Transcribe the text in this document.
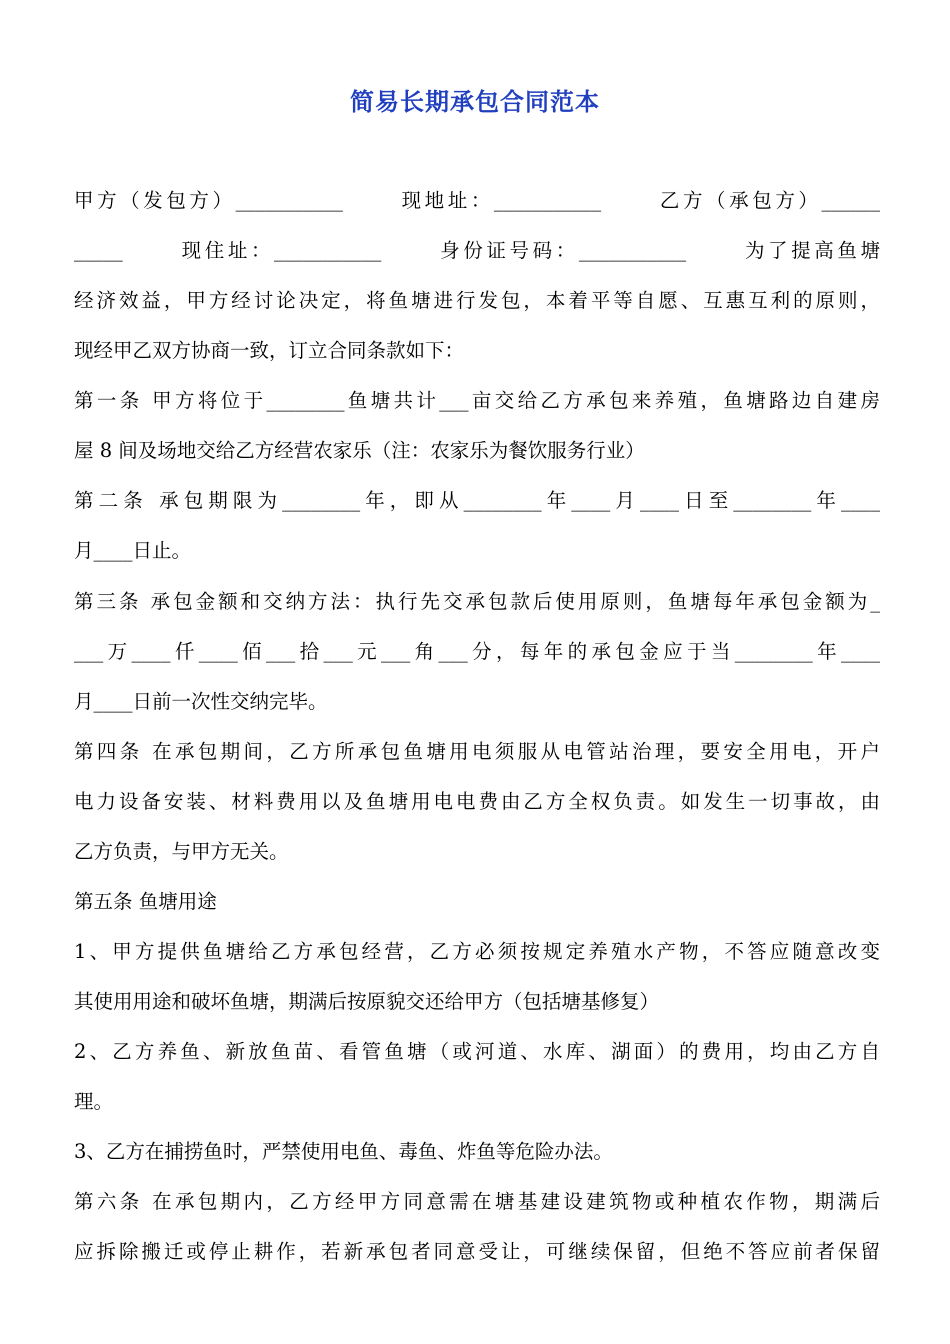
简易长期承包合同范本
甲方（发包方）___________      现地址：___________      乙方（承包方）______
_____      现住址：___________      身份证号码：___________      为了提高鱼塘
经济效益，甲方经讨论决定，将鱼塘进行发包，本着平等自愿、互惠互利的原则，
现经甲乙双方协商一致，订立合同条款如下：
第一条 甲方将位于________鱼塘共计___亩交给乙方承包来养殖，鱼塘路边自建房
屋 8 间及场地交给乙方经营农家乐（注：农家乐为餐饮服务行业）
第二条 承包期限为________年，即从________年____月____日至________年____
月____日止。
第三条 承包金额和交纳方法：执行先交承包款后使用原则，鱼塘每年承包金额为_
___万____仟____佰___拾___元___角___分，每年的承包金应于当________年____
月____日前一次性交纳完毕。
第四条 在承包期间，乙方所承包鱼塘用电须服从电管站治理，要安全用电，开户
电力设备安装、材料费用以及鱼塘用电电费由乙方全权负责。如发生一切事故，由
乙方负责，与甲方无关。
第五条 鱼塘用途
1、甲方提供鱼塘给乙方承包经营，乙方必须按规定养殖水产物，不答应随意改变
其使用用途和破坏鱼塘，期满后按原貌交还给甲方（包括塘基修复）
2、乙方养鱼、新放鱼苗、看管鱼塘（或河道、水库、湖面）的费用，均由乙方自
理。
3、乙方在捕捞鱼时，严禁使用电鱼、毒鱼、炸鱼等危险办法。
第六条 在承包期内，乙方经甲方同意需在塘基建设建筑物或种植农作物，期满后
应拆除搬迁或停止耕作，若新承包者同意受让，可继续保留，但绝不答应前者保留
